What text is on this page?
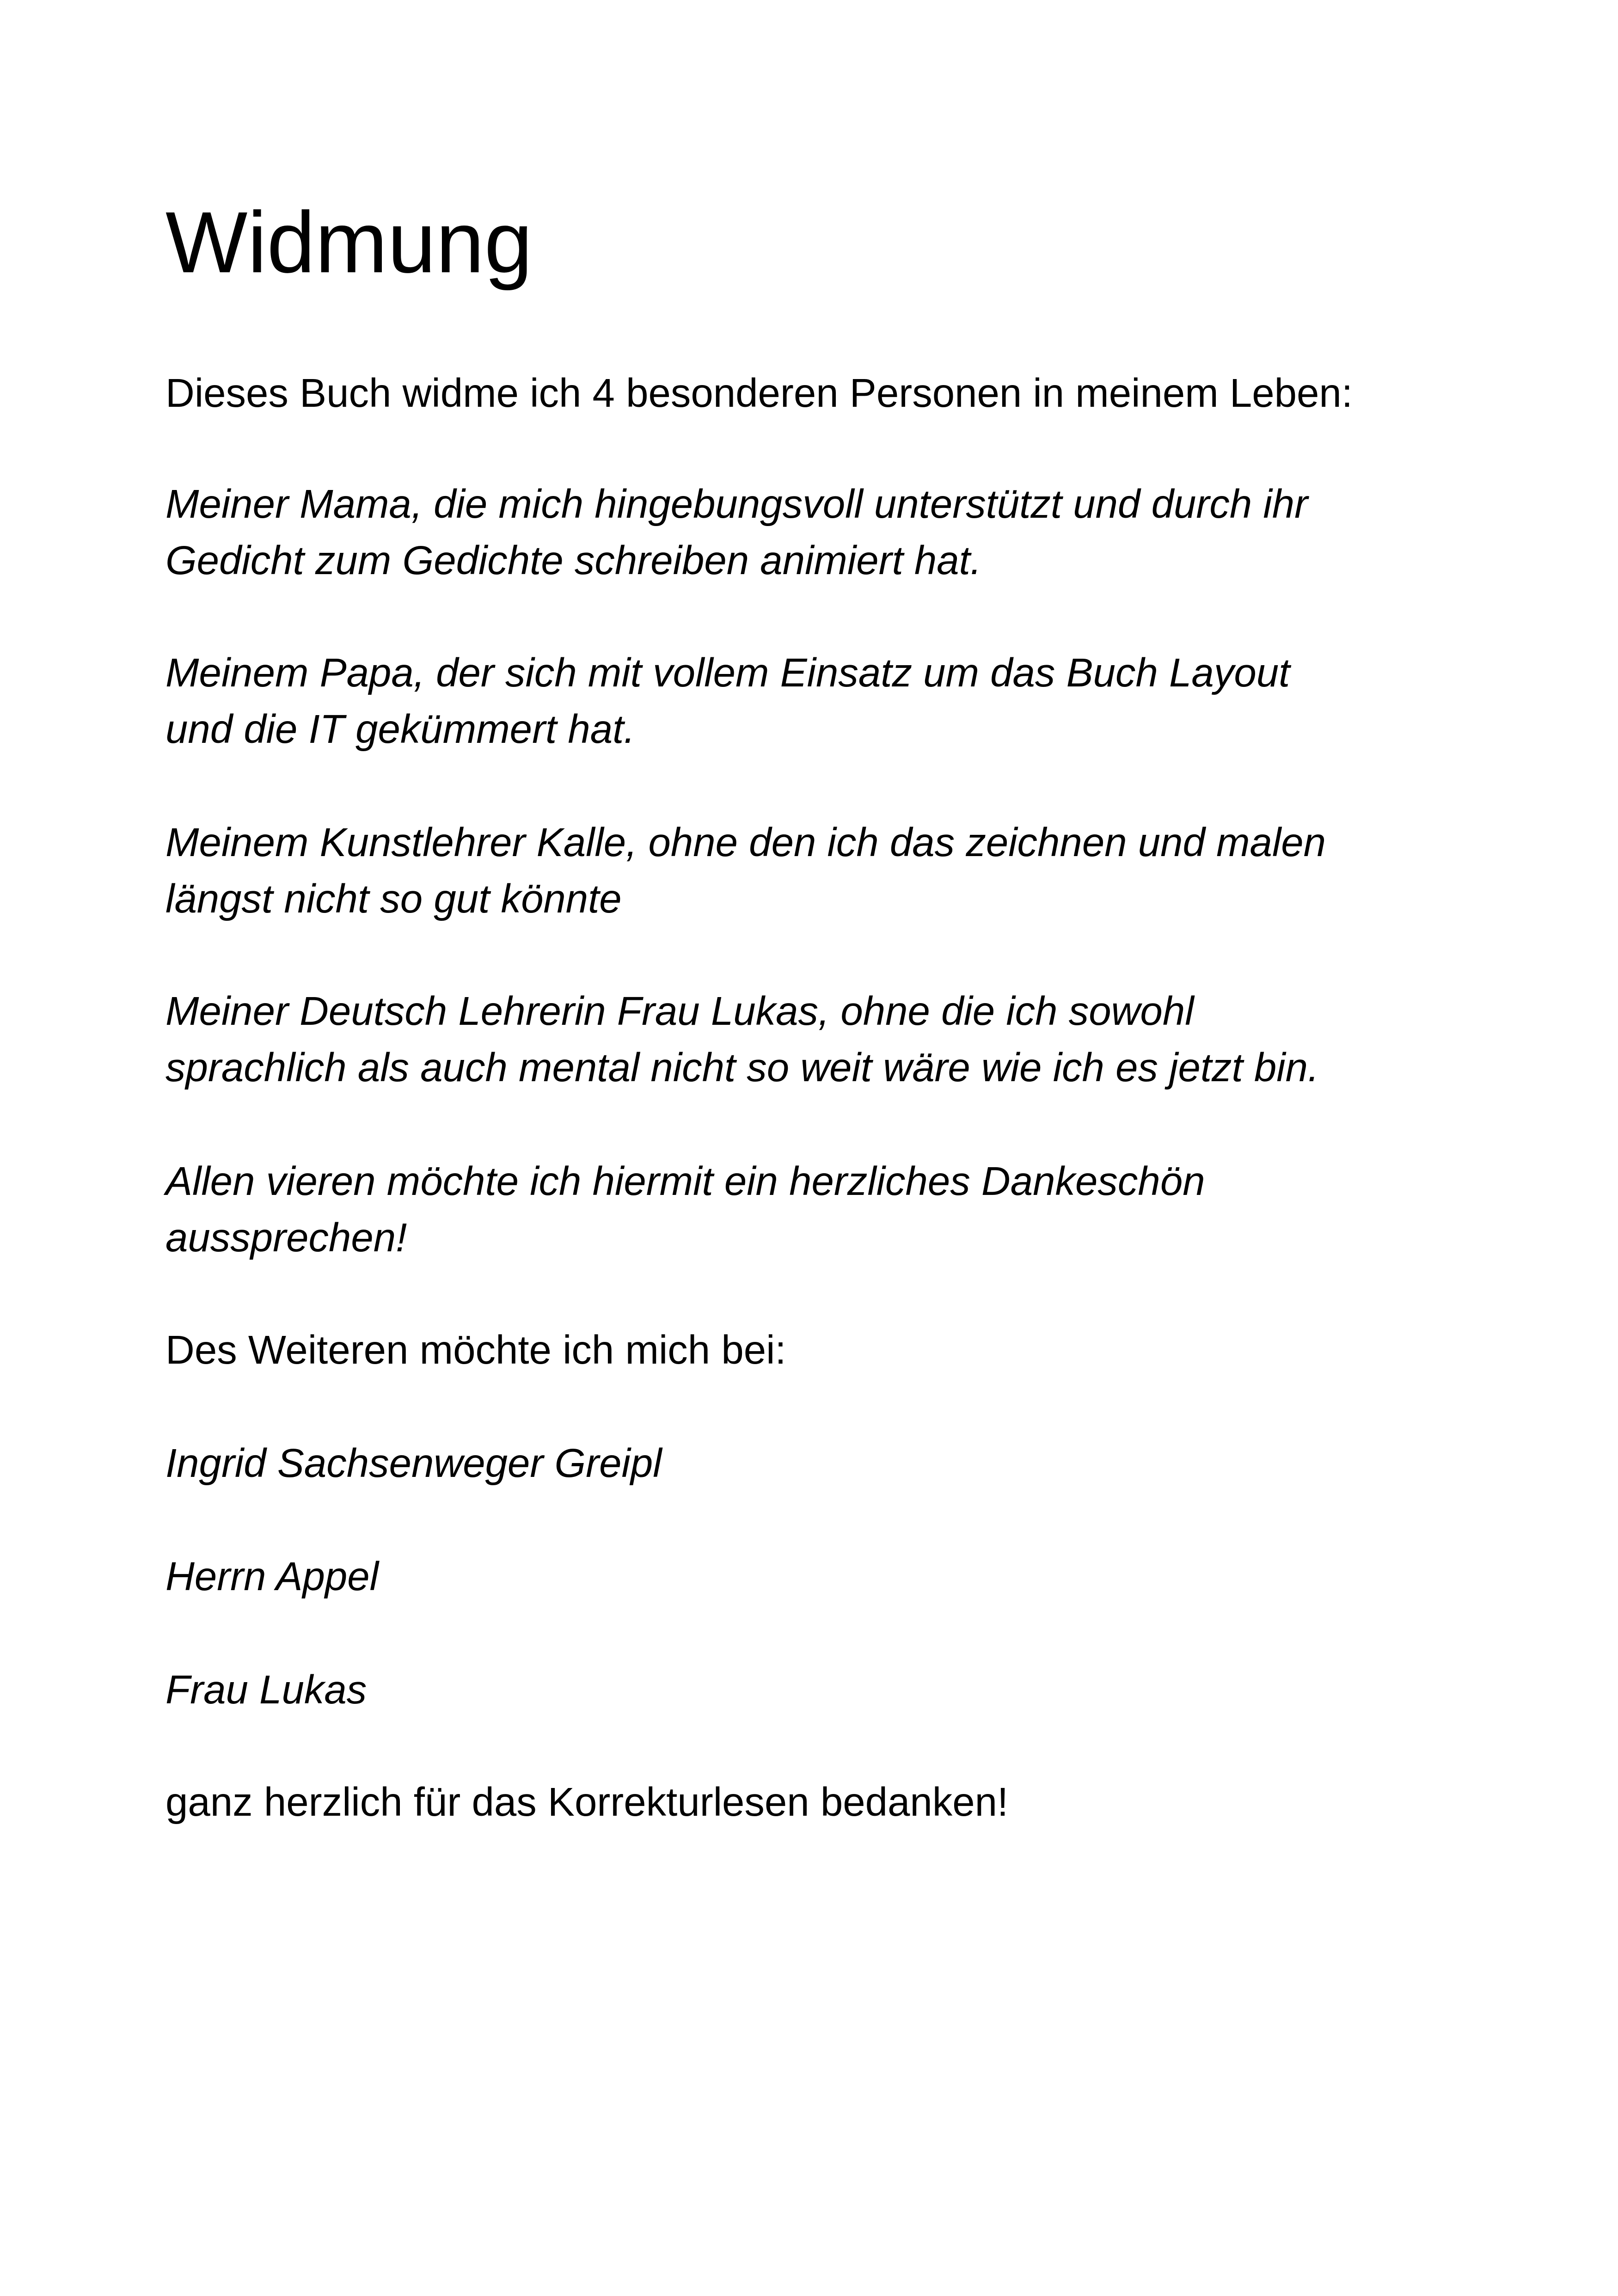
Widmung

Dieses Buch widme ich 4 besonderen Personen in meinem Leben:

Meiner Mama, die mich hingebungsvoll unterstützt und durch ihr
Gedicht zum Gedichte schreiben animiert hat.

Meinem Papa, der sich mit vollem Einsatz um das Buch Layout
und die IT gekümmert hat.

Meinem Kunstlehrer Kalle, ohne den ich das zeichnen und malen
längst nicht so gut könnte

Meiner Deutsch Lehrerin Frau Lukas, ohne die ich sowohl
sprachlich als auch mental nicht so weit wäre wie ich es jetzt bin.

Allen vieren möchte ich hiermit ein herzliches Dankeschön
aussprechen!

Des Weiteren möchte ich mich bei:

Ingrid Sachsenweger Greipl

Herrn Appel

Frau Lukas

ganz herzlich für das Korrekturlesen bedanken!
